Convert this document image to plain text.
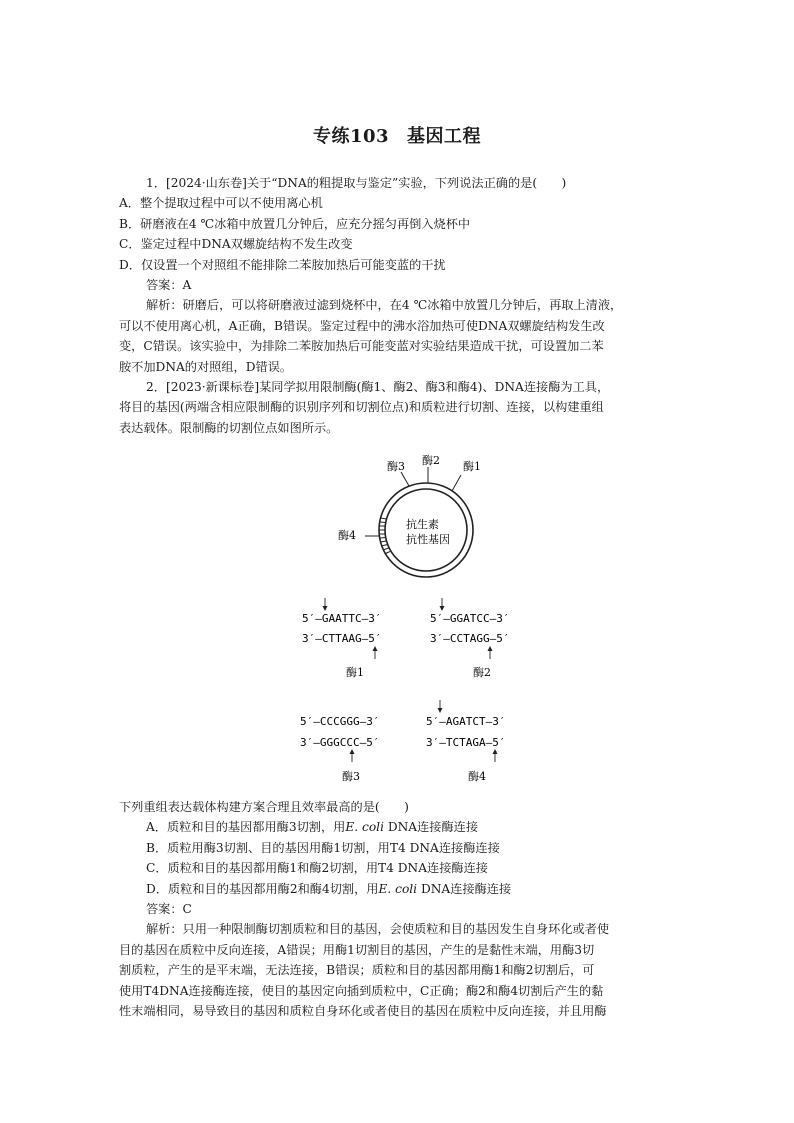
专练103 基因工程
1．[2024·山东卷]关于“DNA的粗提取与鉴定”实验，下列说法正确的是(　　)
A．整个提取过程中可以不使用离心机
B．研磨液在4 ℃冰箱中放置几分钟后，应充分摇匀再倒入烧杯中
C．鉴定过程中DNA双螺旋结构不发生改变
D．仅设置一个对照组不能排除二苯胺加热后可能变蓝的干扰
答案：A
解析：研磨后，可以将研磨液过滤到烧杯中，在4 ℃冰箱中放置几分钟后，再取上清液，
可以不使用离心机，A正确，B错误。鉴定过程中的沸水浴加热可使DNA双螺旋结构发生改
变，C错误。该实验中，为排除二苯胺加热后可能变蓝对实验结果造成干扰，可设置加二苯
胺不加DNA的对照组，D错误。
2．[2023·新课标卷]某同学拟用限制酶(酶1、酶2、酶3和酶4)、DNA连接酶为工具，
将目的基因(两端含相应限制酶的识别序列和切割位点)和质粒进行切割、连接，以构建重组
表达载体。限制酶的切割位点如图所示。
酶3 酶2 酶1
酶4
抗生素
抗性基因
5′—GAATTC—3′
3′—CTTAAG—5′
酶1
5′—GGATCC—3′
3′—CCTAGG—5′
酶2
5′—CCCGGG—3′
3′—GGGCCC—5′
酶3
5′—AGATCT—3′
3′—TCTAGA—5′
酶4
下列重组表达载体构建方案合理且效率最高的是(　　)
A．质粒和目的基因都用酶3切割，用E. coli DNA连接酶连接
B．质粒用酶3切割、目的基因用酶1切割，用T4 DNA连接酶连接
C．质粒和目的基因都用酶1和酶2切割，用T4 DNA连接酶连接
D．质粒和目的基因都用酶2和酶4切割，用E. coli DNA连接酶连接
答案：C
解析：只用一种限制酶切割质粒和目的基因，会使质粒和目的基因发生自身环化或者使
目的基因在质粒中反向连接，A错误；用酶1切割目的基因，产生的是黏性末端，用酶3切
割质粒，产生的是平末端，无法连接，B错误；质粒和目的基因都用酶1和酶2切割后，可
使用T4DNA连接酶连接，使目的基因定向插到质粒中，C正确；酶2和酶4切割后产生的黏
性末端相同，易导致目的基因和质粒自身环化或者使目的基因在质粒中反向连接，并且用酶
